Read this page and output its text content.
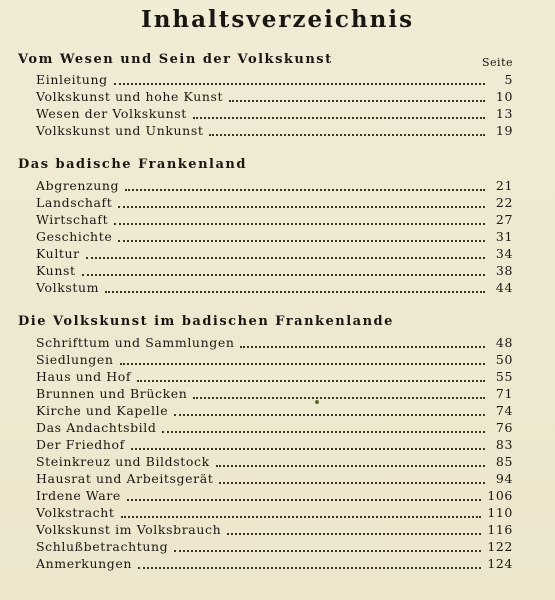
Inhaltsverzeichnis
Seite
Vom Wesen und Sein der Volkskunst
Einleitung	5
Volkskunst und hohe Kunst	10
Wesen der Volkskunst	13
Volkskunst und Unkunst	19
Das badische Frankenland
Abgrenzung	21
Landschaft	22
Wirtschaft	27
Geschichte	31
Kultur	34
Kunst	38
Volkstum	44
Die Volkskunst im badischen Frankenlande
Schrifttum und Sammlungen	48
Siedlungen	50
Haus und Hof	55
Brunnen und Brücken	71
Kirche und Kapelle	74
Das Andachtsbild	76
Der Friedhof	83
Steinkreuz und Bildstock	85
Hausrat und Arbeitsgerät	94
Irdene Ware	106
Volkstracht	110
Volkskunst im Volksbrauch	116
Schlußbetrachtung	122
Anmerkungen	124
